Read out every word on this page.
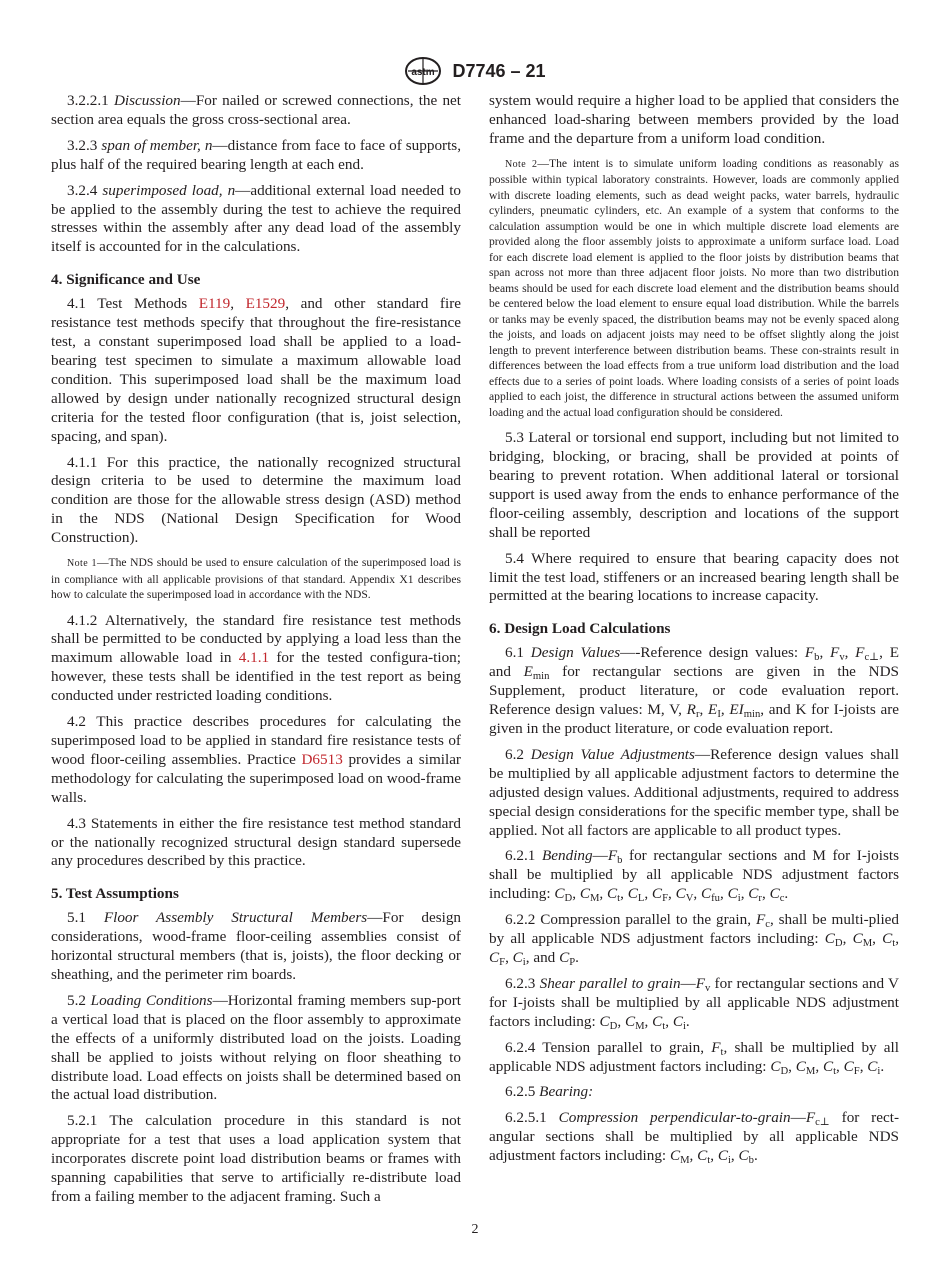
astm D7746 – 21

3.2.2.1 Discussion—For nailed or screwed connections, the net section area equals the gross cross-sectional area.

3.2.3 span of member, n—distance from face to face of supports, plus half of the required bearing length at each end.

3.2.4 superimposed load, n—additional external load needed to be applied to the assembly during the test to achieve the required stresses within the assembly after any dead load of the assembly itself is accounted for in the calculations.

4. Significance and Use

4.1 Test Methods E119, E1529, and other standard fire resistance test methods specify that throughout the fire-resistance test, a constant superimposed load shall be applied to a load-bearing test specimen to simulate a maximum allowable load condition. This superimposed load shall be the maximum load allowed by design under nationally recognized structural design criteria for the tested floor configuration (that is, joist selection, spacing, and span).

4.1.1 For this practice, the nationally recognized structural design criteria to be used to determine the maximum load condition are those for the allowable stress design (ASD) method in the NDS (National Design Specification for Wood Construction).

Note 1—The NDS should be used to ensure calculation of the superimposed load is in compliance with all applicable provisions of that standard. Appendix X1 describes how to calculate the superimposed load in accordance with the NDS.

4.1.2 Alternatively, the standard fire resistance test methods shall be permitted to be conducted by applying a load less than the maximum allowable load in 4.1.1 for the tested configura-tion; however, these tests shall be identified in the test report as being conducted under restricted loading conditions.

4.2 This practice describes procedures for calculating the superimposed load to be applied in standard fire resistance tests of wood floor-ceiling assemblies. Practice D6513 provides a similar methodology for calculating the superimposed load on wood-frame walls.

4.3 Statements in either the fire resistance test method standard or the nationally recognized structural design standard supersede any procedures described by this practice.

5. Test Assumptions

5.1 Floor Assembly Structural Members—For design considerations, wood-frame floor-ceiling assemblies consist of horizontal structural members (that is, joists), the floor decking or sheathing, and the perimeter rim boards.

5.2 Loading Conditions—Horizontal framing members sup-port a vertical load that is placed on the floor assembly to approximate the effects of a uniformly distributed load on the joists. Loading shall be applied to joists without relying on floor sheathing to distribute load. Load effects on joists shall be determined based on the actual load distribution.

5.2.1 The calculation procedure in this standard is not appropriate for a test that uses a load application system that incorporates discrete point load distribution beams or frames with spanning capabilities that serve to artificially re-distribute load from a failing member to the adjacent framing. Such a

system would require a higher load to be applied that considers the enhanced load-sharing between members provided by the load frame and the departure from a uniform load condition.

Note 2—The intent is to simulate uniform loading conditions as reasonably as possible within typical laboratory constraints. However, loads are commonly applied with discrete loading elements, such as dead weight packs, water barrels, hydraulic cylinders, pneumatic cylinders, etc. An example of a system that conforms to the calculation assumption would be one in which multiple discrete load elements are provided along the floor assembly joists to approximate a uniform surface load. Load for each discrete load element is applied to the floor joists by distribution beams that span across not more than three adjacent floor joists. No more than two distribution beams should be used for each discrete load element and the distribution beams should be centered below the load element to ensure equal load distribution. While the barrels or tanks may be evenly spaced, the distribution beams may not be evenly spaced along the joists, and loads on adjacent joists may need to be offset slightly along the joist length to prevent interference between distribution beams. These con-straints result in differences between the load effects from a true uniform load distribution and the load effects due to a series of point loads. Where loading consists of a series of point loads applied to each joist, the difference in structural actions between the assumed uniform loading and the actual load configuration should be considered.

5.3 Lateral or torsional end support, including but not limited to bridging, blocking, or bracing, shall be provided at points of bearing to prevent rotation. When additional lateral or torsional support is used away from the ends to enhance performance of the floor-ceiling assembly, description and locations of the support shall be reported

5.4 Where required to ensure that bearing capacity does not limit the test load, stiffeners or an increased bearing length shall be permitted at the bearing locations to increase capacity.

6. Design Load Calculations

6.1 Design Values—-Reference design values: $F_b$, $F_v$, $F_{c\perp}$, E and $E_{min}$ for rectangular sections are given in the NDS Supplement, product literature, or code evaluation report. Reference design values: M, V, $R_r$, $E_I$, $EI_{min}$, and K for I-joists are given in the product literature, or code evaluation report.

6.2 Design Value Adjustments—Reference design values shall be multiplied by all applicable adjustment factors to determine the adjusted design values. Additional adjustments, required to address special design considerations for the specific member type, shall be applied. Not all factors are applicable to all product types.

6.2.1 $Bending—F_b$ for rectangular sections and M for I-joists shall be multiplied by all applicable NDS adjustment factors including: $C_D$, $C_M$, $C_t$, $C_L$, $C_F$, $C_V$, $C_{fu}$, $C_i$, $C_r$, $C_c$.

6.2.2 Compression parallel to the grain, $F_c$, shall be multi-plied by all applicable NDS adjustment factors including: $C_D$, $C_M$, $C_t$, $C_F$, $C_i$, and $C_P$.

6.2.3 Shear parallel to $grain—F_v$ for rectangular sections and V for I-joists shall be multiplied by all applicable NDS adjustment factors including: $C_D$, $C_M$, $C_t$, $C_i$.

6.2.4 Tension parallel to grain, $F_t$, shall be multiplied by all applicable NDS adjustment factors including: $C_D$, $C_M$, $C_t$, $C_F$, $C_i$.

6.2.5 Bearing:

6.2.5.1 Compression perpendicular-$to-grain—F_{c\perp}$ for rect-angular sections shall be multiplied by all applicable NDS adjustment factors including: $C_M$, $C_t$, $C_i$, $C_b$.

2
